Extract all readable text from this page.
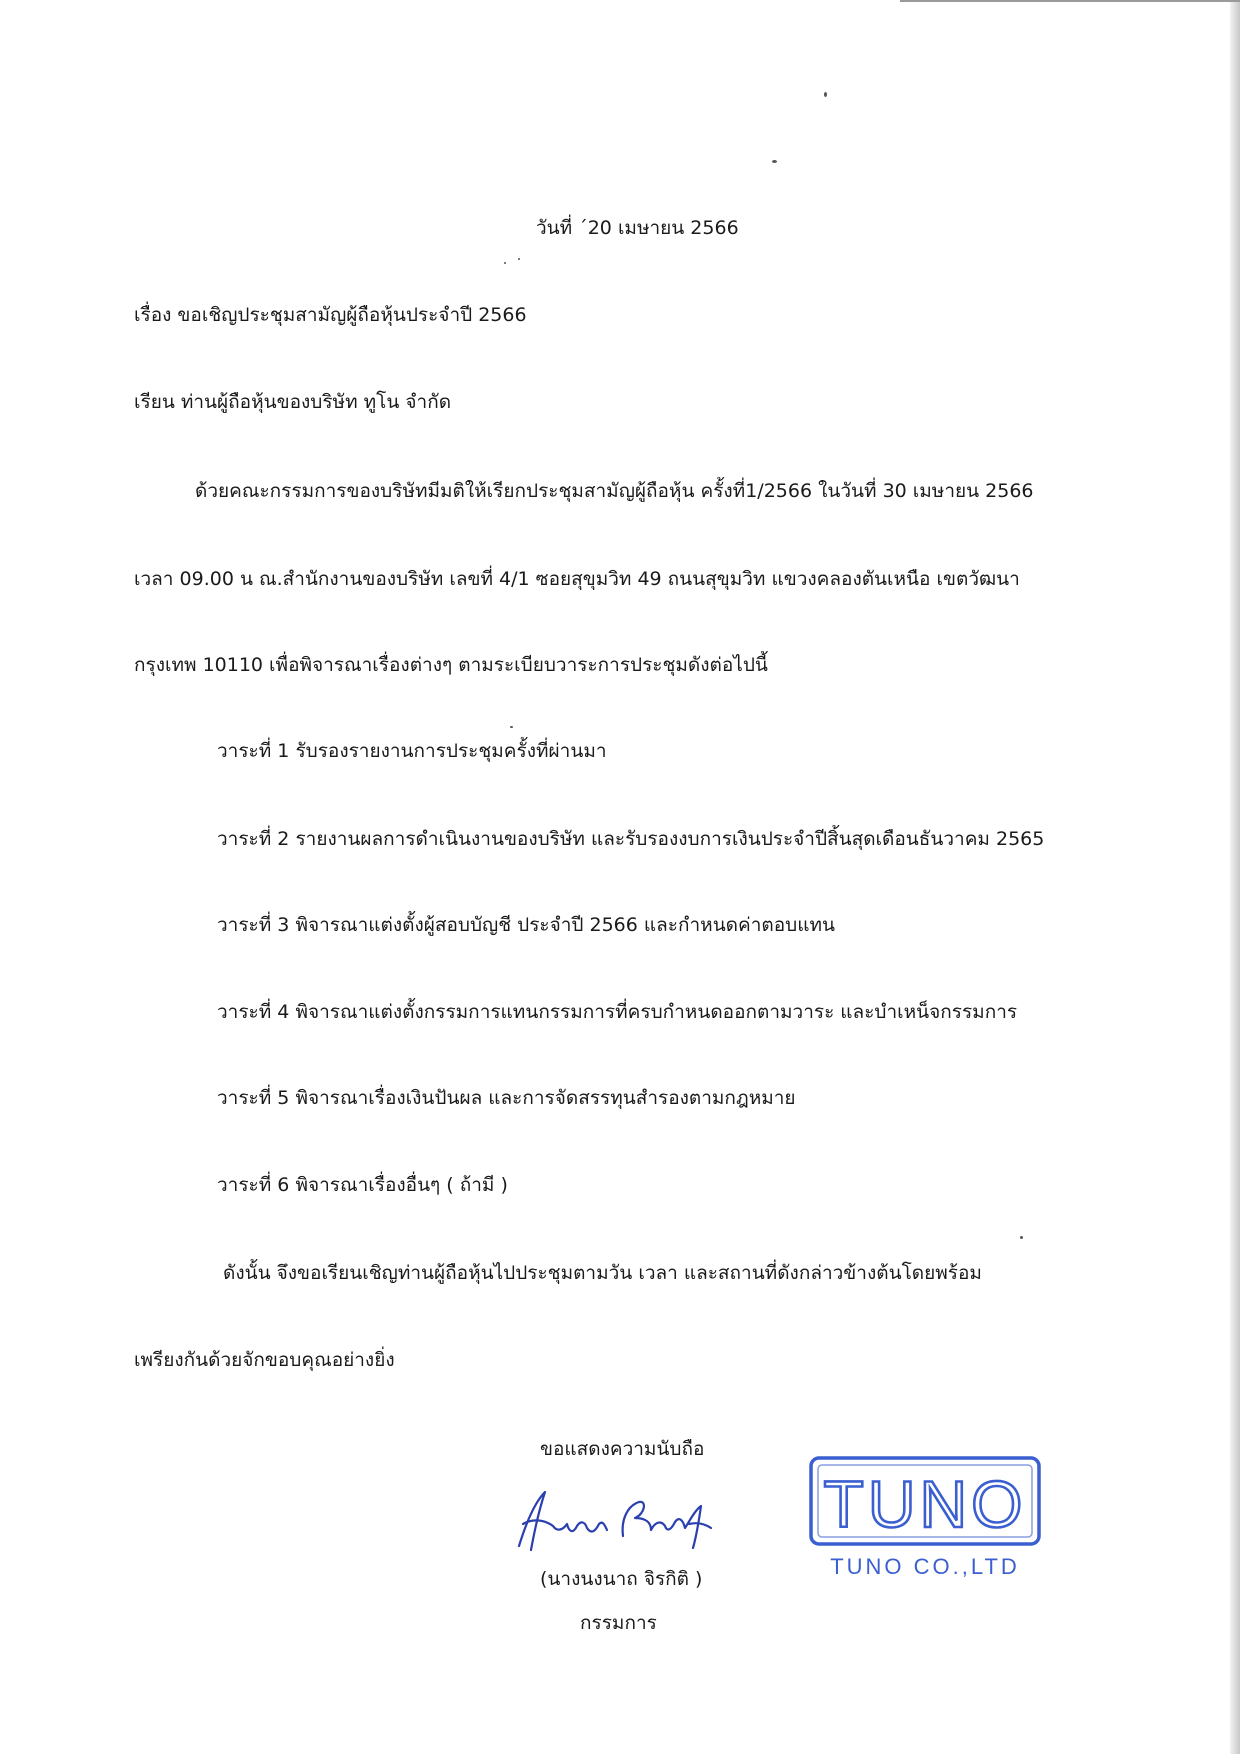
วันที่ ´20 เมษายน 2566
เรื่อง ขอเชิญประชุมสามัญผู้ถือหุ้นประจำปี 2566
เรียน ท่านผู้ถือหุ้นของบริษัท ทูโน จำกัด
ด้วยคณะกรรมการของบริษัทมีมติให้เรียกประชุมสามัญผู้ถือหุ้น ครั้งที่1/2566 ในวันที่ 30 เมษายน 2566
เวลา 09.00 น ณ.สำนักงานของบริษัท เลขที่ 4/1 ซอยสุขุมวิท 49 ถนนสุขุมวิท แขวงคลองตันเหนือ เขตวัฒนา
กรุงเทพ 10110 เพื่อพิจารณาเรื่องต่างๆ ตามระเบียบวาระการประชุมดังต่อไปนี้
วาระที่ 1 รับรองรายงานการประชุมครั้งที่ผ่านมา
วาระที่ 2 รายงานผลการดำเนินงานของบริษัท และรับรองงบการเงินประจำปีสิ้นสุดเดือนธันวาคม 2565
วาระที่ 3 พิจารณาแต่งตั้งผู้สอบบัญชี ประจำปี 2566 และกำหนดค่าตอบแทน
วาระที่ 4 พิจารณาแต่งตั้งกรรมการแทนกรรมการที่ครบกำหนดออกตามวาระ และบำเหน็จกรรมการ
วาระที่ 5 พิจารณาเรื่องเงินปันผล และการจัดสรรทุนสำรองตามกฎหมาย
วาระที่ 6 พิจารณาเรื่องอื่นๆ ( ถ้ามี )
ดังนั้น จึงขอเรียนเชิญท่านผู้ถือหุ้นไปประชุมตามวัน เวลา และสถานที่ดังกล่าวข้างต้นโดยพร้อม
เพรียงกันด้วยจักขอบคุณอย่างยิ่ง
ขอแสดงความนับถือ
(นางนงนาถ จิรกิติ )
กรรมการ
TUNO
TUNO CO.,LTD
